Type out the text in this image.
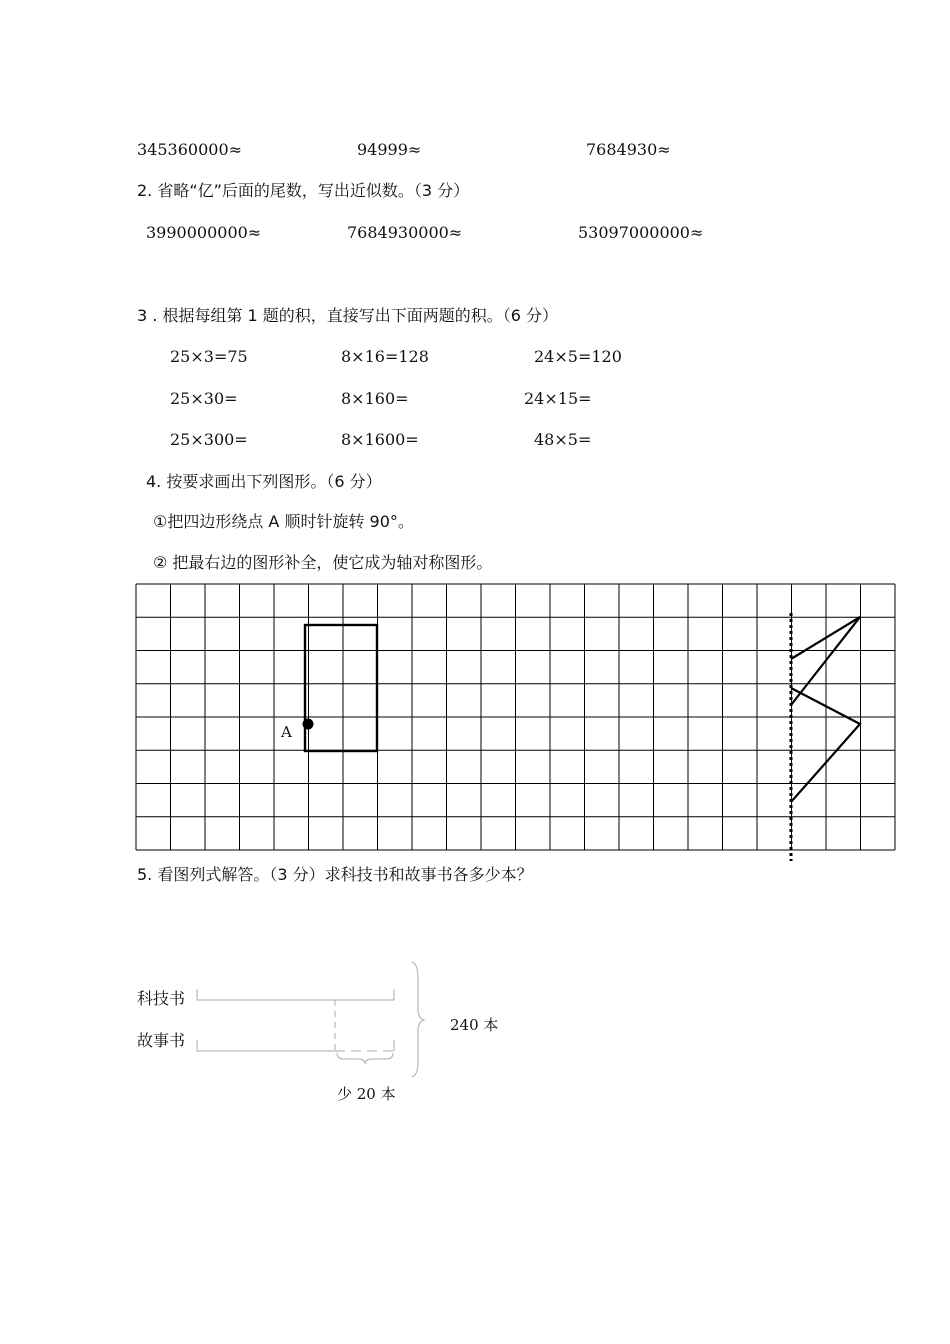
345360000≈	94999≈	7684930≈
2. 省略“亿”后面的尾数，写出近似数。（3 分）
3990000000≈	7684930000≈	53097000000≈
3 . 根据每组第 1 题的积，直接写出下面两题的积。（6 分）
25×3=75	8×16=128	24×5=120
25×30=	8×160=	24×15=
25×300=	8×1600=	48×5=
4. 按要求画出下列图形。（6 分）
①把四边形绕点 A 顺时针旋转 90°。
② 把最右边的图形补全，使它成为轴对称图形。
A
5. 看图列式解答。（3 分）求科技书和故事书各多少本？
科技书
故事书
240 本
少 20 本
